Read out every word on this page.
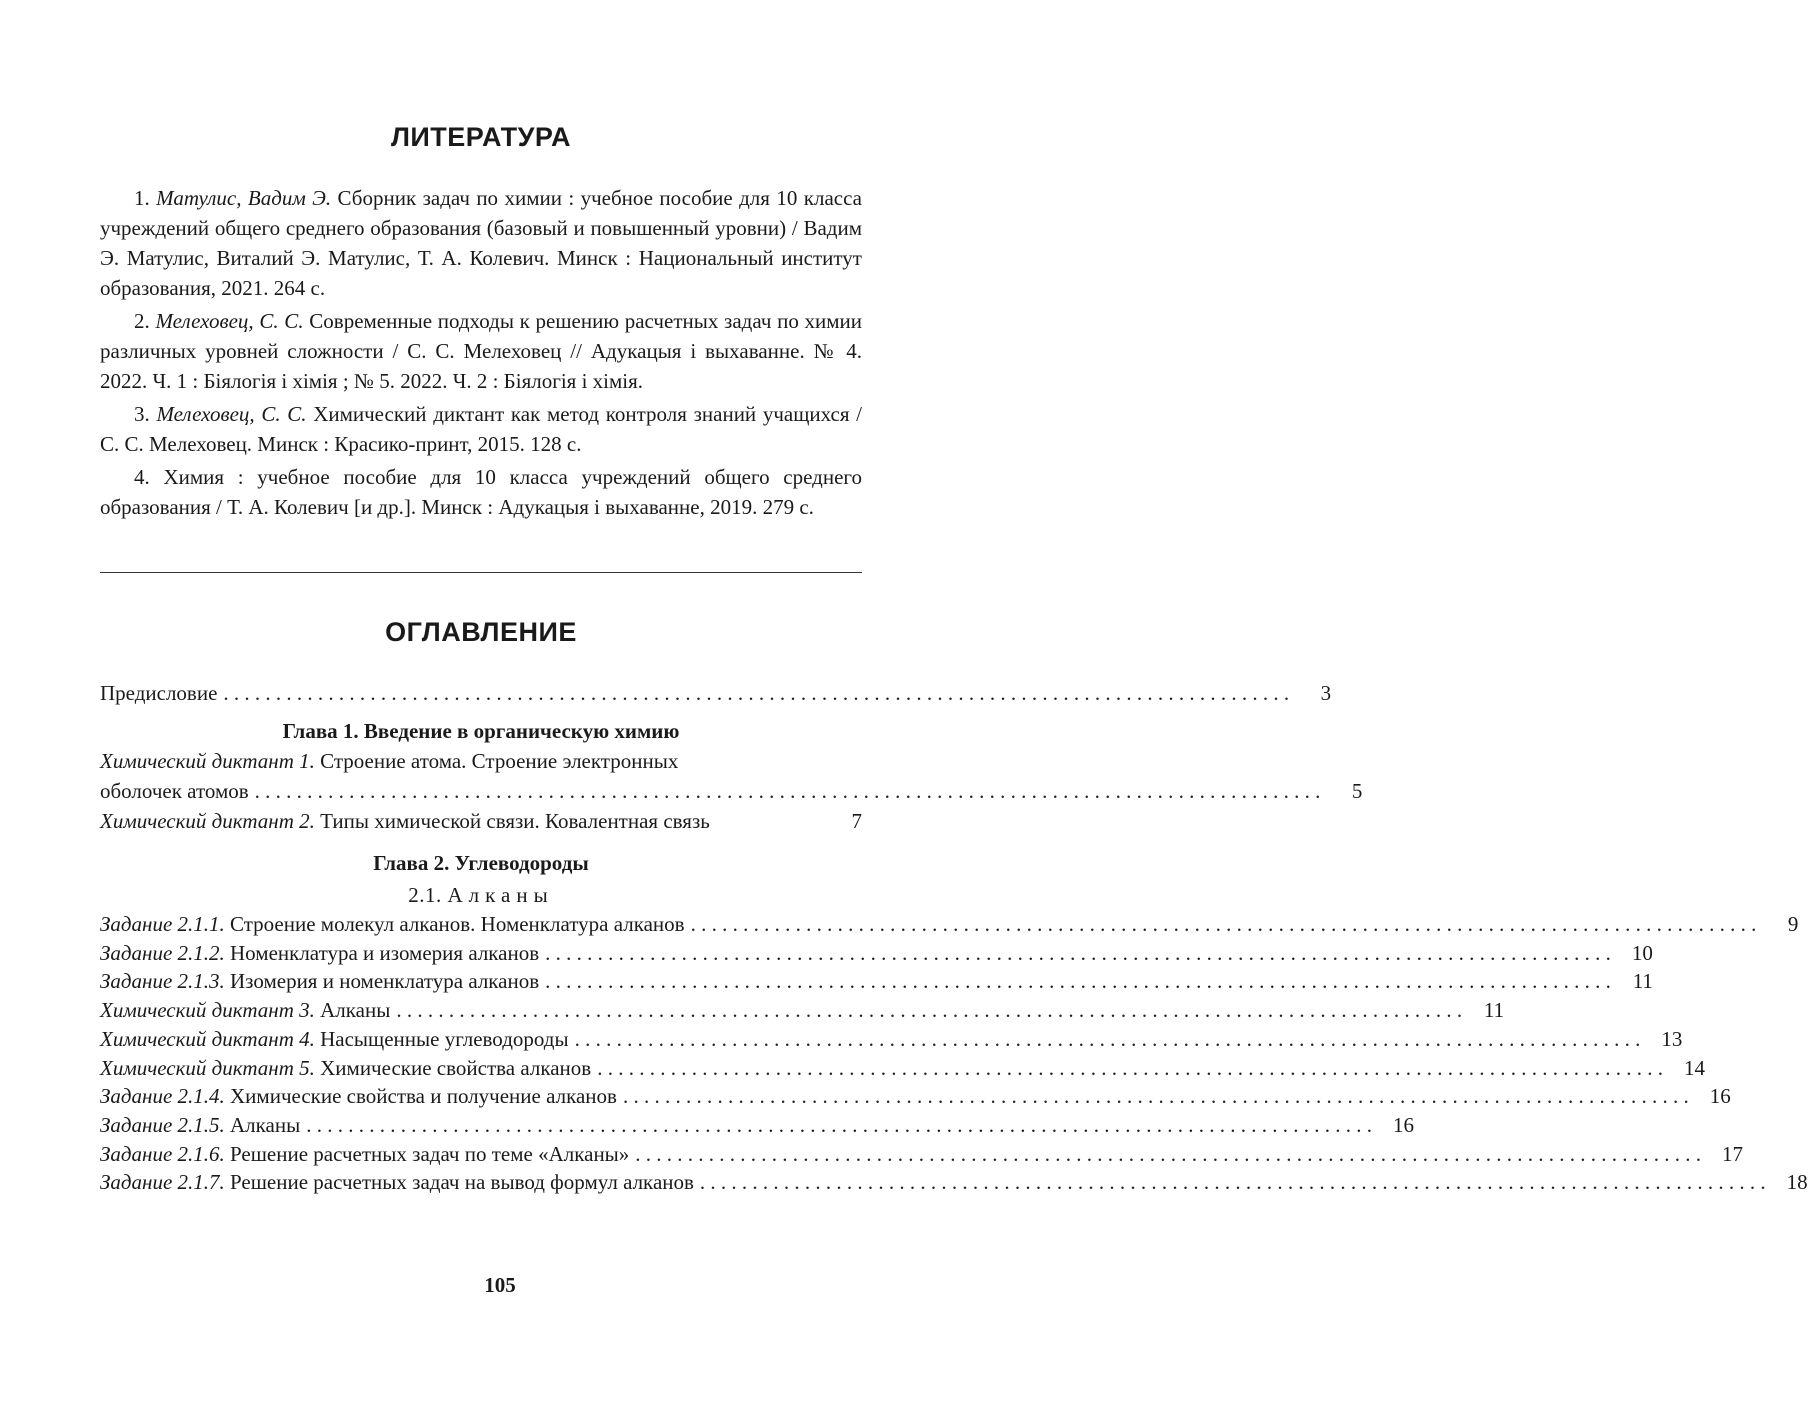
ЛИТЕРАТУРА

1. Матулис, Вадим Э. Сборник задач по химии : учебное пособие для 10 класса учреждений общего среднего образования (базовый и повышенный уровни) / Вадим Э. Матулис, Виталий Э. Матулис, Т. А. Колевич. Минск : Национальный институт образования, 2021. 264 с.

2. Мелеховец, С. С. Современные подходы к решению расчетных задач по химии различных уровней сложности / С. С. Мелеховец // Адукацыя і выхаванне. № 4. 2022. Ч. 1 : Біялогія і хімія ; № 5. 2022. Ч. 2 : Біялогія і хімія.

3. Мелеховец, С. С. Химический диктант как метод контроля знаний учащихся / С. С. Мелеховец. Минск : Красико-принт, 2015. 128 с.

4. Химия : учебное пособие для 10 класса учреждений общего среднего образования / Т. А. Колевич [и др.]. Минск : Адукацыя і выхаванне, 2019. 279 с.

ОГЛАВЛЕНИЕ
Предисловие . . .	3
Глава 1. Введение в органическую химию
Химический диктант 1. Строение атома. Строение электронных
оболочек атомов . . .	5
Химический диктант 2. Типы химической связи. Ковалентная связь	7
Глава 2. Углеводороды
2.1. Алканы
Задание 2.1.1. Строение молекул алканов. Номенклатура алканов . . .	9
Задание 2.1.2. Номенклатура и изомерия алканов . . .	10
Задание 2.1.3. Изомерия и номенклатура алканов . . .	11
Химический диктант 3. Алканы . . .	11
Химический диктант 4. Насыщенные углеводороды . . .	13
Химический диктант 5. Химические свойства алканов . . .	14
Задание 2.1.4. Химические свойства и получение алканов . . .	16
Задание 2.1.5. Алканы . . .	16
Задание 2.1.6. Решение расчетных задач по теме «Алканы» . . .	17
Задание 2.1.7. Решение расчетных задач на вывод формул алканов . . .	18
105
